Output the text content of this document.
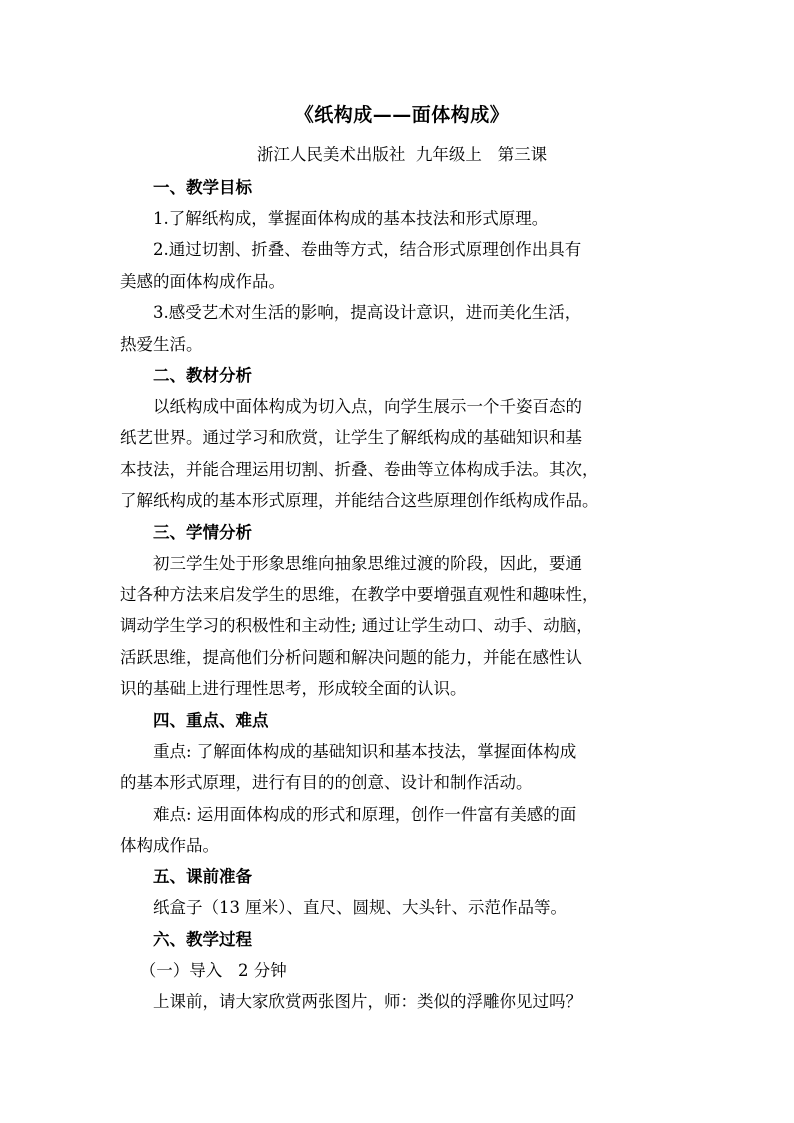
《纸构成——面体构成》

浙江人民美术出版社  九年级上   第三课

一、教学目标

1.了解纸构成，掌握面体构成的基本技法和形式原理。

2.通过切割、折叠、卷曲等方式，结合形式原理创作出具有
美感的面体构成作品。
3.感受艺术对生活的影响，提高设计意识，进而美化生活，
热爱生活。

二、教材分析

以纸构成中面体构成为切入点，向学生展示一个千姿百态的
纸艺世界。通过学习和欣赏，让学生了解纸构成的基础知识和基
本技法，并能合理运用切割、折叠、卷曲等立体构成手法。其次，
了解纸构成的基本形式原理，并能结合这些原理创作纸构成作品。

三、学情分析

初三学生处于形象思维向抽象思维过渡的阶段，因此，要通
过各种方法来启发学生的思维，在教学中要增强直观性和趣味性，
调动学生学习的积极性和主动性; 通过让学生动口、动手、动脑，
活跃思维，提高他们分析问题和解决问题的能力，并能在感性认
识的基础上进行理性思考，形成较全面的认识。

四、重点、难点

重点: 了解面体构成的基础知识和基本技法，掌握面体构成
的基本形式原理，进行有目的的创意、设计和制作活动。
难点: 运用面体构成的形式和原理，创作一件富有美感的面
体构成作品。

五、课前准备

纸盒子（13 厘米）、直尺、圆规、大头针、示范作品等。

六、教学过程

（一）导入   2 分钟

上课前，请大家欣赏两张图片，师：类似的浮雕你见过吗？
